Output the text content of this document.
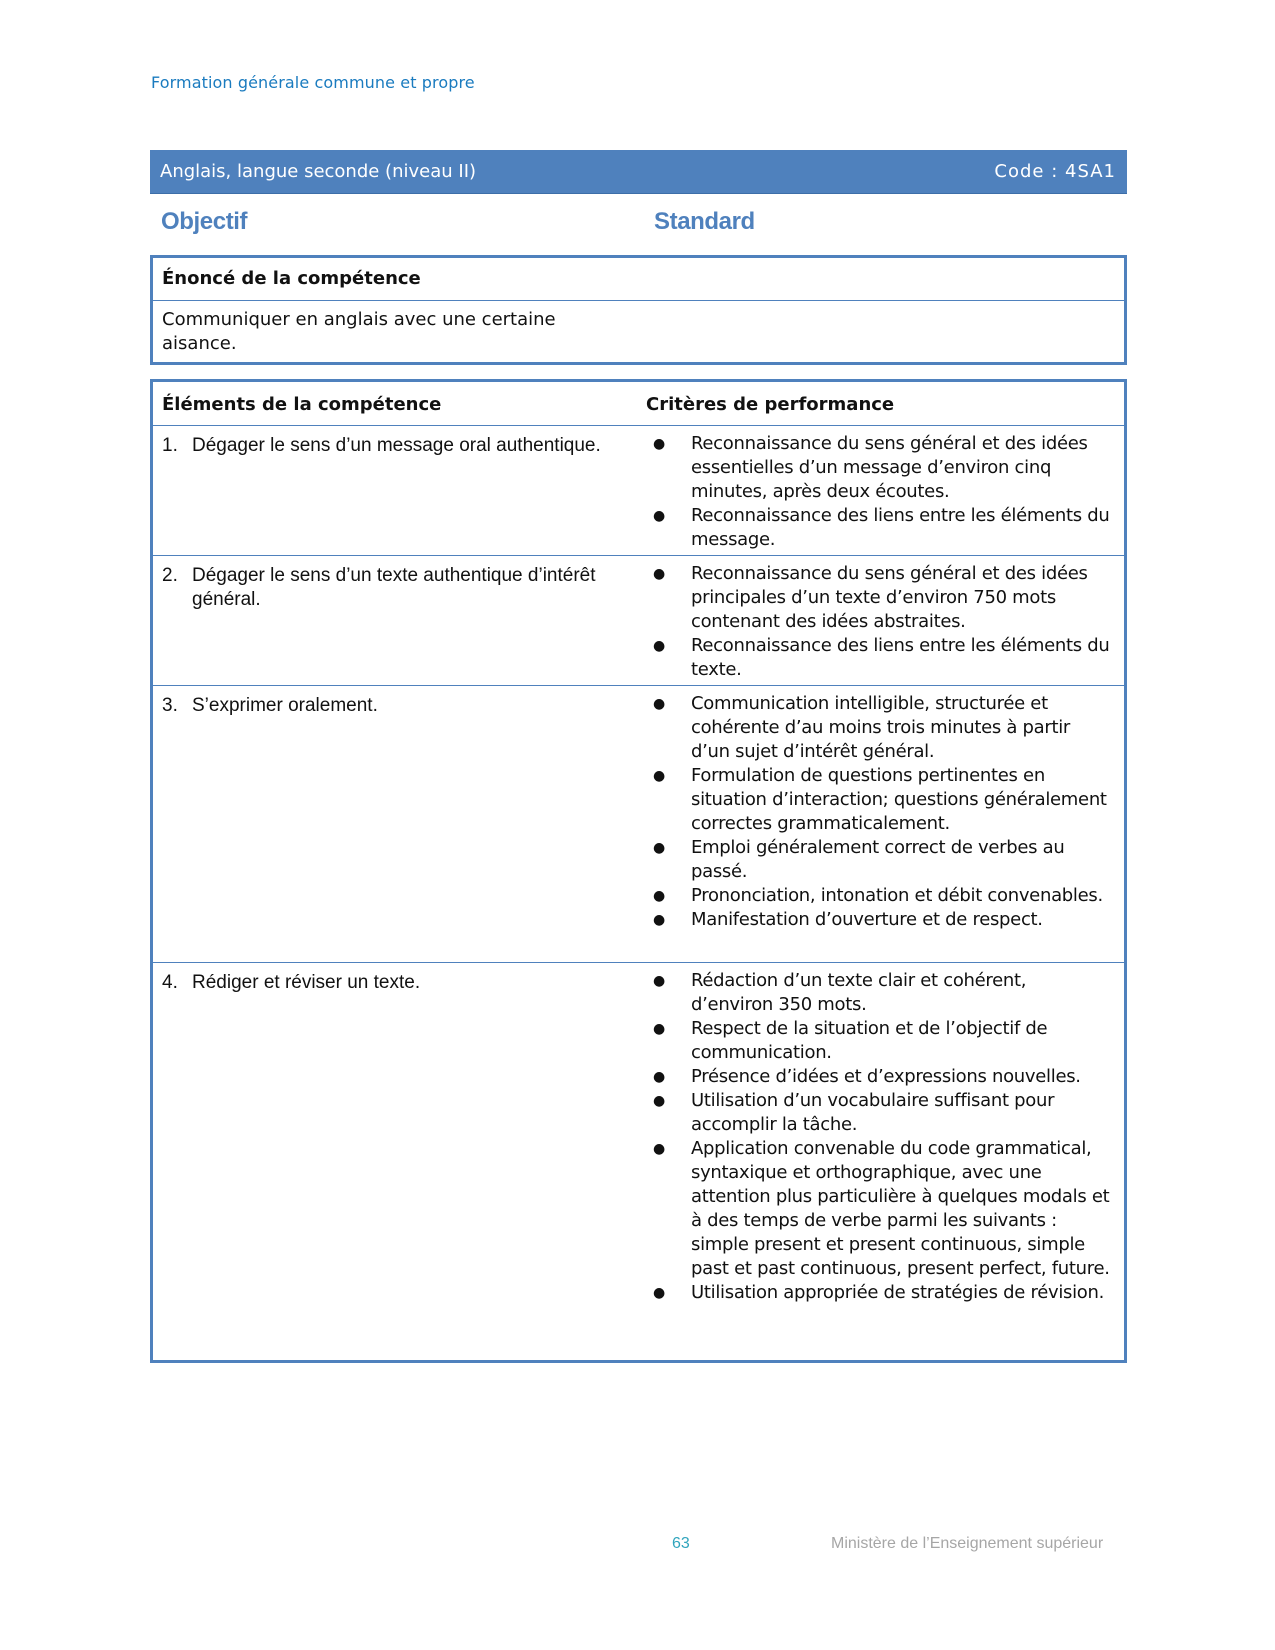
Formation générale commune et propre
Anglais, langue seconde (niveau II)	Code : 4SA1
Objectif	Standard
Énoncé de la compétence
Communiquer en anglais avec une certaine aisance.
Éléments de la compétence	Critères de performance
1. Dégager le sens d’un message oral authentique.	●	Reconnaissance du sens général et des idées essentielles d’un message d’environ cinq minutes, après deux écoutes.
●	Reconnaissance des liens entre les éléments du message.
2. Dégager le sens d’un texte authentique d’intérêt général.
●	Reconnaissance du sens général et des idées principales d’un texte d’environ 750 mots contenant des idées abstraites.
●	Reconnaissance des liens entre les éléments du texte.
3. S’exprimer oralement.	●	Communication intelligible, structurée et cohérente d’au moins trois minutes à partir d’un sujet d’intérêt général.
●	Formulation de questions pertinentes en situation d’interaction; questions généralement correctes grammaticalement.
●	Emploi généralement correct de verbes au passé.
●	Prononciation, intonation et débit convenables.
●	Manifestation d’ouverture et de respect.
4. Rédiger et réviser un texte.	●	Rédaction d’un texte clair et cohérent, d’environ 350 mots.
●	Respect de la situation et de l’objectif de communication.
●	Présence d’idées et d’expressions nouvelles.
●	Utilisation d’un vocabulaire suffisant pour accomplir la tâche.
●	Application convenable du code grammatical, syntaxique et orthographique, avec une attention plus particulière à quelques modals et à des temps de verbe parmi les suivants : simple present et present continuous, simple past et past continuous, present perfect, future.
●	Utilisation appropriée de stratégies de révision.
63	Ministère de l’Enseignement supérieur
